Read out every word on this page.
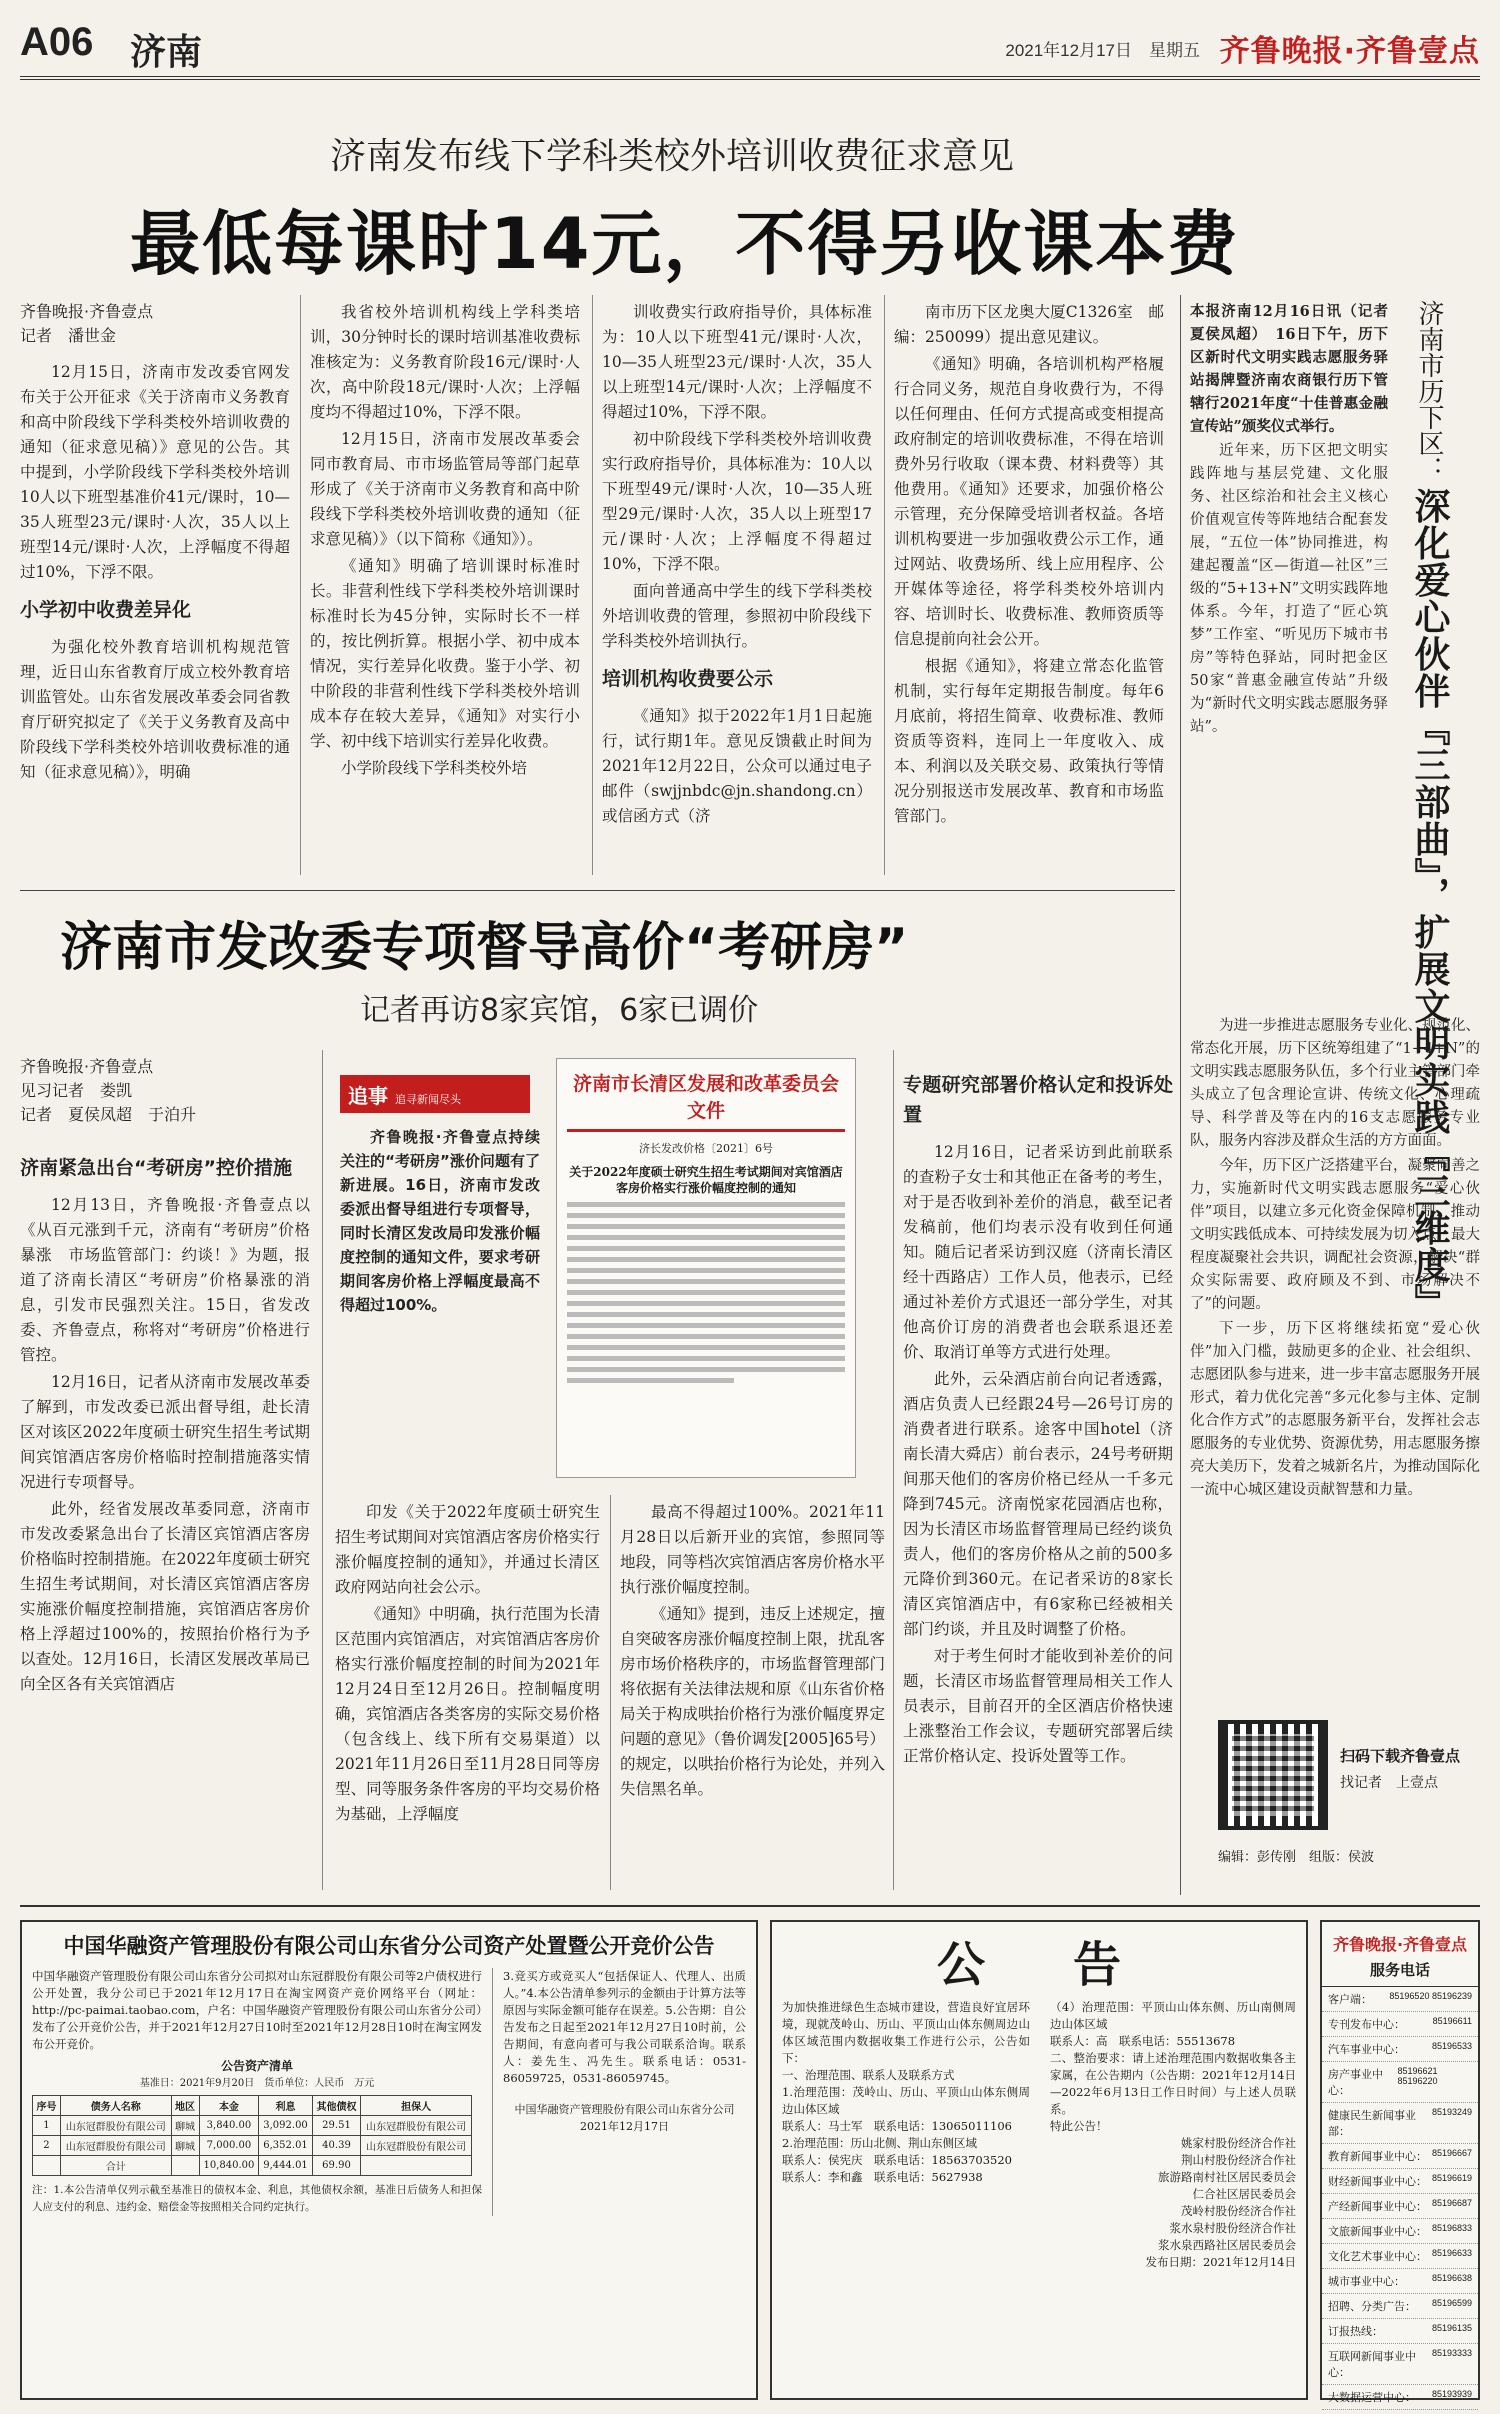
A06 济南	2021年12月17日　星期五 齐鲁晚报·齐鲁壹点
济南发布线下学科类校外培训收费征求意见
最低每课时14元，不得另收课本费
齐鲁晚报·齐鲁壹点
记者　潘世金

12月15日，济南市发改委官网发布关于公开征求《关于济南市义务教育和高中阶段线下学科类校外培训收费的通知（征求意见稿）》意见的公告。其中提到，小学阶段线下学科类校外培训10人以下班型基准价41元/课时，10—35人班型23元/课时·人次，35人以上班型14元/课时·人次，上浮幅度不得超过10%，下浮不限。

小学初中收费差异化

为强化校外教育培训机构规范管理，近日山东省教育厅成立校外教育培训监管处。山东省发展改革委会同省教育厅研究拟定了《关于义务教育及高中阶段线下学科类校外培训收费标准的通知（征求意见稿）》，明确

我省校外培训机构线上学科类培训，30分钟时长的课时培训基准收费标准核定为：义务教育阶段16元/课时·人次，高中阶段18元/课时·人次；上浮幅度均不得超过10%，下浮不限。

12月15日，济南市发展改革委会同市教育局、市市场监管局等部门起草形成了《关于济南市义务教育和高中阶段线下学科类校外培训收费的通知（征求意见稿）》（以下简称《通知》）。

《通知》明确了培训课时标准时长。非营利性线下学科类校外培训课时标准时长为45分钟，实际时长不一样的，按比例折算。根据小学、初中成本情况，实行差异化收费。鉴于小学、初中阶段的非营利性线下学科类校外培训成本存在较大差异，《通知》对实行小学、初中线下培训实行差异化收费。

小学阶段线下学科类校外培

训收费实行政府指导价，具体标准为：10人以下班型41元/课时·人次，10—35人班型23元/课时·人次，35人以上班型14元/课时·人次；上浮幅度不得超过10%，下浮不限。

初中阶段线下学科类校外培训收费实行政府指导价，具体标准为：10人以下班型49元/课时·人次，10—35人班型29元/课时·人次，35人以上班型17元/课时·人次；上浮幅度不得超过10%，下浮不限。

面向普通高中学生的线下学科类校外培训收费的管理，参照初中阶段线下学科类校外培训执行。

培训机构收费要公示

《通知》拟于2022年1月1日起施行，试行期1年。意见反馈截止时间为2021年12月22日，公众可以通过电子邮件（swjjnbdc@jn.shandong.cn）或信函方式（济

南市历下区龙奥大厦C1326室　邮编：250099）提出意见建议。

《通知》明确，各培训机构严格履行合同义务，规范自身收费行为，不得以任何理由、任何方式提高或变相提高政府制定的培训收费标准，不得在培训费外另行收取（课本费、材料费等）其他费用。《通知》还要求，加强价格公示管理，充分保障受培训者权益。各培训机构要进一步加强收费公示工作，通过网站、收费场所、线上应用程序、公开媒体等途径，将学科类校外培训内容、培训时长、收费标准、教师资质等信息提前向社会公开。

根据《通知》，将建立常态化监管机制，实行每年定期报告制度。每年6月底前，将招生简章、收费标准、教师资质等资料，连同上一年度收入、成本、利润以及关联交易、政策执行等情况分别报送市发展改革、教育和市场监管部门。

济南市历下区： 深化爱心伙伴『三部曲』，扩展文明实践『三维度』

本报济南12月16日讯（记者　夏侯凤超）　16日下午，历下区新时代文明实践志愿服务驿站揭牌暨济南农商银行历下管辖行2021年度“十佳普惠金融宣传站”颁奖仪式举行。

近年来，历下区把文明实践阵地与基层党建、文化服务、社区综治和社会主义核心价值观宣传等阵地结合配套发展，“五位一体”协同推进，构建起覆盖“区—街道—社区”三级的“5+13+N”文明实践阵地体系。今年，打造了“匠心筑梦”工作室、“听见历下城市书房”等特色驿站，同时把金区50家“普惠金融宣传站”升级为“新时代文明实践志愿服务驿站”。

为进一步推进志愿服务专业化、规范化、常态化开展，历下区统筹组建了“1+4+N”的文明实践志愿服务队伍，多个行业主管部门牵头成立了包含理论宣讲、传统文化、心理疏导、科学普及等在内的16支志愿服务专业队，服务内容涉及群众生活的方方面面。

今年，历下区广泛搭建平台，凝聚向善之力，实施新时代文明实践志愿服务“爱心伙伴”项目，以建立多元化资金保障机制，推动文明实践低成本、可持续发展为切入点，最大程度凝聚社会共识，调配社会资源，解决“群众实际需要、政府顾及不到、市场解决不了”的问题。

下一步，历下区将继续拓宽“爱心伙伴”加入门槛，鼓励更多的企业、社会组织、志愿团队参与进来，进一步丰富志愿服务开展形式，着力优化完善“多元化参与主体、定制化合作方式”的志愿服务新平台，发挥社会志愿服务的专业优势、资源优势，用志愿服务擦亮大美历下，发着之城新名片，为推动国际化一流中心城区建设贡献智慧和力量。

扫码下载齐鲁壹点
找记者　上壹点
编辑：彭传刚　组版：侯波
济南市发改委专项督导高价“考研房”
记者再访8家宾馆，6家已调价
齐鲁晚报·齐鲁壹点
见习记者　娄凯
记者　夏侯凤超　于泊升
济南紧急出台“考研房”控价措施

12月13日，齐鲁晚报·齐鲁壹点以《从百元涨到千元，济南有“考研房”价格暴涨　市场监管部门：约谈！》为题，报道了济南长清区“考研房”价格暴涨的消息，引发市民强烈关注。15日，省发改委、齐鲁壹点，称将对“考研房”价格进行管控。

12月16日，记者从济南市发展改革委了解到，市发改委已派出督导组，赴长清区对该区2022年度硕士研究生招生考试期间宾馆酒店客房价格临时控制措施落实情况进行专项督导。

此外，经省发展改革委同意，济南市市发改委紧急出台了长清区宾馆酒店客房价格临时控制措施。在2022年度硕士研究生招生考试期间，对长清区宾馆酒店客房实施涨价幅度控制措施，宾馆酒店客房价格上浮超过100%的，按照抬价格行为予以查处。12月16日，长清区发展改革局已向全区各有关宾馆酒店

追事 追寻新闻尽头

齐鲁晚报·齐鲁壹点持续关注的“考研房”涨价问题有了新进展。16日，济南市发改委派出督导组进行专项督导，同时长清区发改局印发涨价幅度控制的通知文件，要求考研期间客房价格上浮幅度最高不得超过100%。

济南市长清区发展和改革委员会文件
济长发改价格〔2021〕6号
关于2022年度硕士研究生招生考试期间对宾馆酒店客房价格实行涨价幅度控制的通知

印发《关于2022年度硕士研究生招生考试期间对宾馆酒店客房价格实行涨价幅度控制的通知》，并通过长清区政府网站向社会公示。

《通知》中明确，执行范围为长清区范围内宾馆酒店，对宾馆酒店客房价格实行涨价幅度控制的时间为2021年12月24日至12月26日。控制幅度明确，宾馆酒店各类客房的实际交易价格（包含线上、线下所有交易渠道）以2021年11月26日至11月28日同等房型、同等服务条件客房的平均交易价格为基础，上浮幅度

最高不得超过100%。2021年11月28日以后新开业的宾馆，参照同等地段，同等档次宾馆酒店客房价格水平执行涨价幅度控制。

《通知》提到，违反上述规定，擅自突破客房涨价幅度控制上限，扰乱客房市场价格秩序的，市场监督管理部门将依据有关法律法规和原《山东省价格局关于构成哄抬价格行为涨价幅度界定问题的意见》（鲁价调发[2005]65号）的规定，以哄抬价格行为论处，并列入失信黑名单。

专题研究部署价格认定和投诉处置

12月16日，记者采访到此前联系的查粉子女士和其他正在备考的考生，对于是否收到补差价的消息，截至记者发稿前，他们均表示没有收到任何通知。随后记者采访到汉庭（济南长清区经十西路店）工作人员，他表示，已经通过补差价方式退还一部分学生，对其他高价订房的消费者也会联系退还差价、取消订单等方式进行处理。

此外，云朵酒店前台向记者透露，酒店负责人已经跟24号—26号订房的消费者进行联系。途客中国hotel（济南长清大舜店）前台表示，24号考研期间那天他们的客房价格已经从一千多元降到745元。济南悦家花园酒店也称，因为长清区市场监督管理局已经约谈负责人，他们的客房价格从之前的500多元降价到360元。在记者采访的8家长清区宾馆酒店中，有6家称已经被相关部门约谈，并且及时调整了价格。

对于考生何时才能收到补差价的问题，长清区市场监督管理局相关工作人员表示，目前召开的全区酒店价格快速上涨整治工作会议，专题研究部署后续正常价格认定、投诉处置等工作。

中国华融资产管理股份有限公司山东省分公司资产处置暨公开竞价公告
中国华融资产管理股份有限公司山东省分公司拟对山东冠群股份有限公司等2户债权进行公开处置，我分公司已于2021年12月17日在淘宝网资产竞价网络平台（网址：http://pc-paimai.taobao.com，户名：中国华融资产管理股份有限公司山东省分公司）发布了公开竞价公告，并于2021年12月27日10时至2021年12月28日10时在淘宝网发布公开竞价。
公告资产清单
基准日：2021年9月20日　货币单位：人民币　万元
序号	债务人名称	地区	本金	利息	其他债权	担保人
1	山东冠群股份有限公司	聊城	3,840.00	3,092.00	29.51	山东冠群股份有限公司
2	山东冠群股份有限公司	聊城	7,000.00	6,352.01	40.39	山东冠群股份有限公司
	合计		10,840.00	9,444.01	69.90	
注：1.本公告清单仅列示截至基准日的债权本金、利息，其他债权余额，基准日后债务人和担保人应支付的利息、违约金、赔偿金等按照相关合同约定执行。
3.竞买方或竞买人“包括保证人、代理人、出质人。”4.本公告清单参列示的金额由于计算方法等原因与实际金额可能存在误差。5.公告期：自公告发布之日起至2021年12月27日10时前，公告期间，有意向者可与我公司联系洽询。联系人：姜先生、冯先生。联系电话：0531-86059725，0531-86059745。
中国华融资产管理股份有限公司山东省分公司　2021年12月17日
公　告
为加快推进绿色生态城市建设，营造良好宜居环境，现就茂岭山、历山、平顶山山体东侧周边山体区域范围内数据收集工作进行公示，公告如下：
一、治理范围、联系人及联系方式
1.治理范围：茂岭山、历山、平顶山山体东侧周边山体区域
联系人：马士军　联系电话：13065011106
2.治理范围：历山北侧、荆山东侧区域
联系人：侯宪庆　联系电话：18563703520
联系人：李和鑫　联系电话：5627938
（4）治理范围：平顶山山体东侧、历山南侧周边山体区域
联系人：高　联系电话：55513678
二、整治要求：请上述治理范围内数据收集各主家属，在公告期内（公告期：2021年12月14日—2022年6月13日工作日时间）与上述人员联系。
特此公告！
姚家村股份经济合作社
荆山村股份经济合作社
旅游路南村社区居民委员会
仁合社区居民委员会
茂岭村股份经济合作社
浆水泉村股份经济合作社
浆水泉西路社区居民委员会
发布日期：2021年12月14日
齐鲁晚报·齐鲁壹点
服务电话
客户端： 85196520 85196239
专刊发布中心：	85196611
汽车事业中心：	85196533
房产事业中心：
85196621 85196220
健康民生新闻事业部：
85193249
教育新闻事业中心： 85196667
财经新闻事业中心： 85196619
产经新闻事业中心： 85196687
文旅新闻事业中心： 85196833
文化艺术事业中心： 85196633
城市事业中心：	85196638
招聘、分类广告： 85196599
订报热线：	85196135
互联网新闻事业中心：
85193333
大数据运营中心： 85193939
